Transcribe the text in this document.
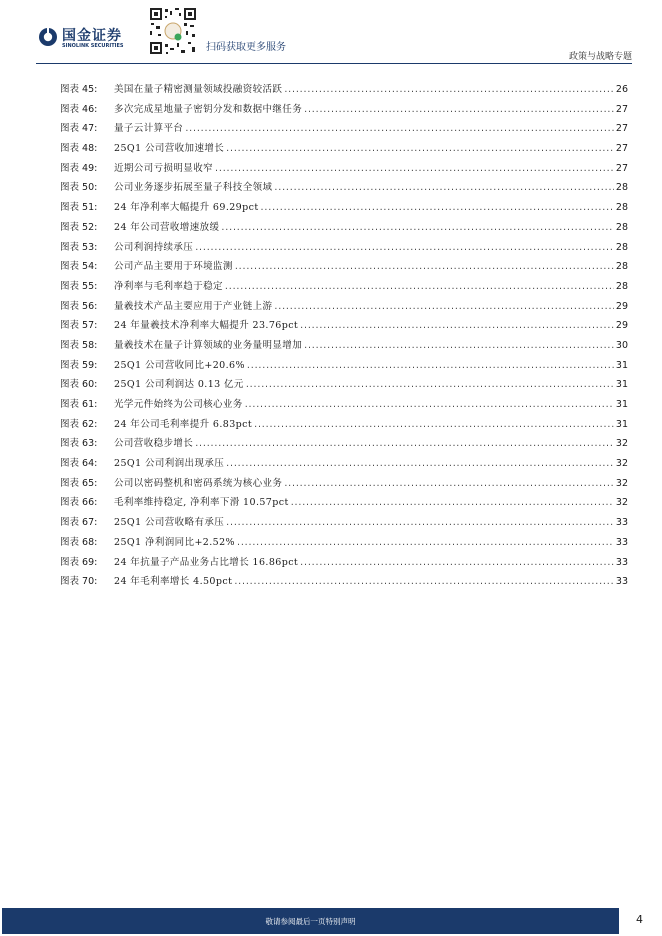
国金证券
SINOLINK SECURITIES	扫码获取更多服务
政策与战略专题
图表 45:	美国在量子精密测量领域投融资较活跃 . . .	26
图表 46:	多次完成星地量子密钥分发和数据中继任务 . . .	27
图表 47:	量子云计算平台 . . .	27
图表 48:	25Q1 公司营收加速增长 . . .	27
图表 49:	近期公司亏损明显收窄 . . .	27
图表 50:	公司业务逐步拓展至量子科技全领域 . . .	28
图表 51:	24 年净利率大幅提升 69.29pct . . .	28
图表 52:	24 年公司营收增速放缓 . . .	28
图表 53:	公司利润持续承压 . . .	28
图表 54:	公司产品主要用于环境监测 . . .	28
图表 55:	净利率与毛利率趋于稳定 . . .	28
图表 56:	量羲技术产品主要应用于产业链上游 . . .	29
图表 57:	24 年量羲技术净利率大幅提升 23.76pct . . .	29
图表 58:	量羲技术在量子计算领域的业务量明显增加 . . .	30
图表 59:	25Q1 公司营收同比+20.6% . . .	31
图表 60:	25Q1 公司利润达 0.13 亿元 . . .	31
图表 61:	光学元件始终为公司核心业务 . . .	31
图表 62:	24 年公司毛利率提升 6.83pct . . .	31
图表 63:	公司营收稳步增长 . . .	32
图表 64:	25Q1 公司利润出现承压 . . .	32
图表 65:	公司以密码整机和密码系统为核心业务 . . .	32
图表 66:	毛利率维持稳定, 净利率下滑 10.57pct . . .	32
图表 67:	25Q1 公司营收略有承压 . . .	33
图表 68:	25Q1 净利润同比+2.52% . . .	33
图表 69:	24 年抗量子产品业务占比增长 16.86pct . . .	33
图表 70:	24 年毛利率增长 4.50pct . . .	33
敬请参阅最后一页特别声明	4
